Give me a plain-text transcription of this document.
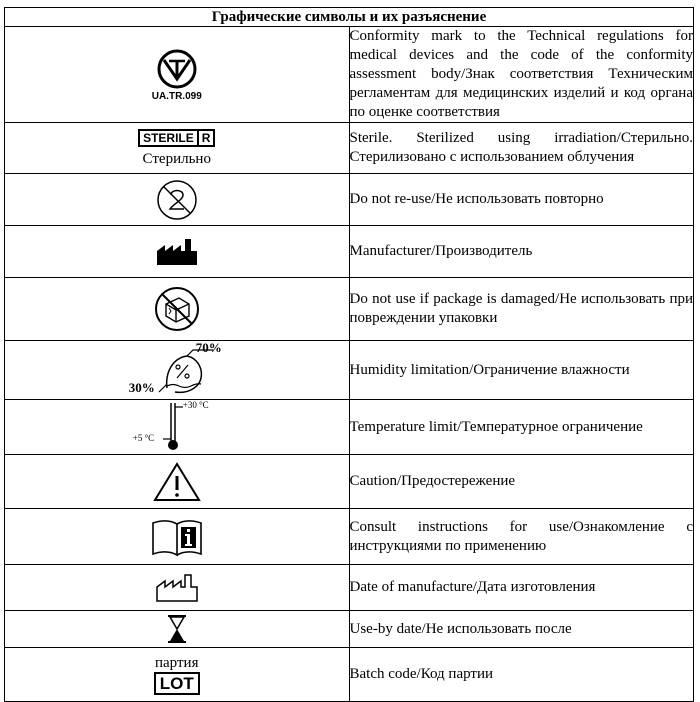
Графические символы и их разъяснение	

UA.TR.099	Conformity mark to the Technical regulations for medical devices and the code of the conformity assessment body/Знак соответствия Техническим регламентам для медицинских изделий и код органа по оценке соответствия
STERILE R
Стерильно	Sterile. Sterilized using irradiation/Стерильно. Стерилизовано с использованием облучения

	Do not re-use/Не использовать повторно

	Manufacturer/Производитель

	Do not use if package is damaged/Не использовать при повреждении упаковки

70%
30%	Humidity limitation/Ограничение влажности

+30 °C
+5 °C	Temperature limit/Температурное ограничение

	Caution/Предостережение

	Consult instructions for use/Ознакомление с инструкциями по применению

	Date of manufacture/Дата изготовления

	Use-by date/Не использовать после

партия
LOT	Batch code/Код партии
